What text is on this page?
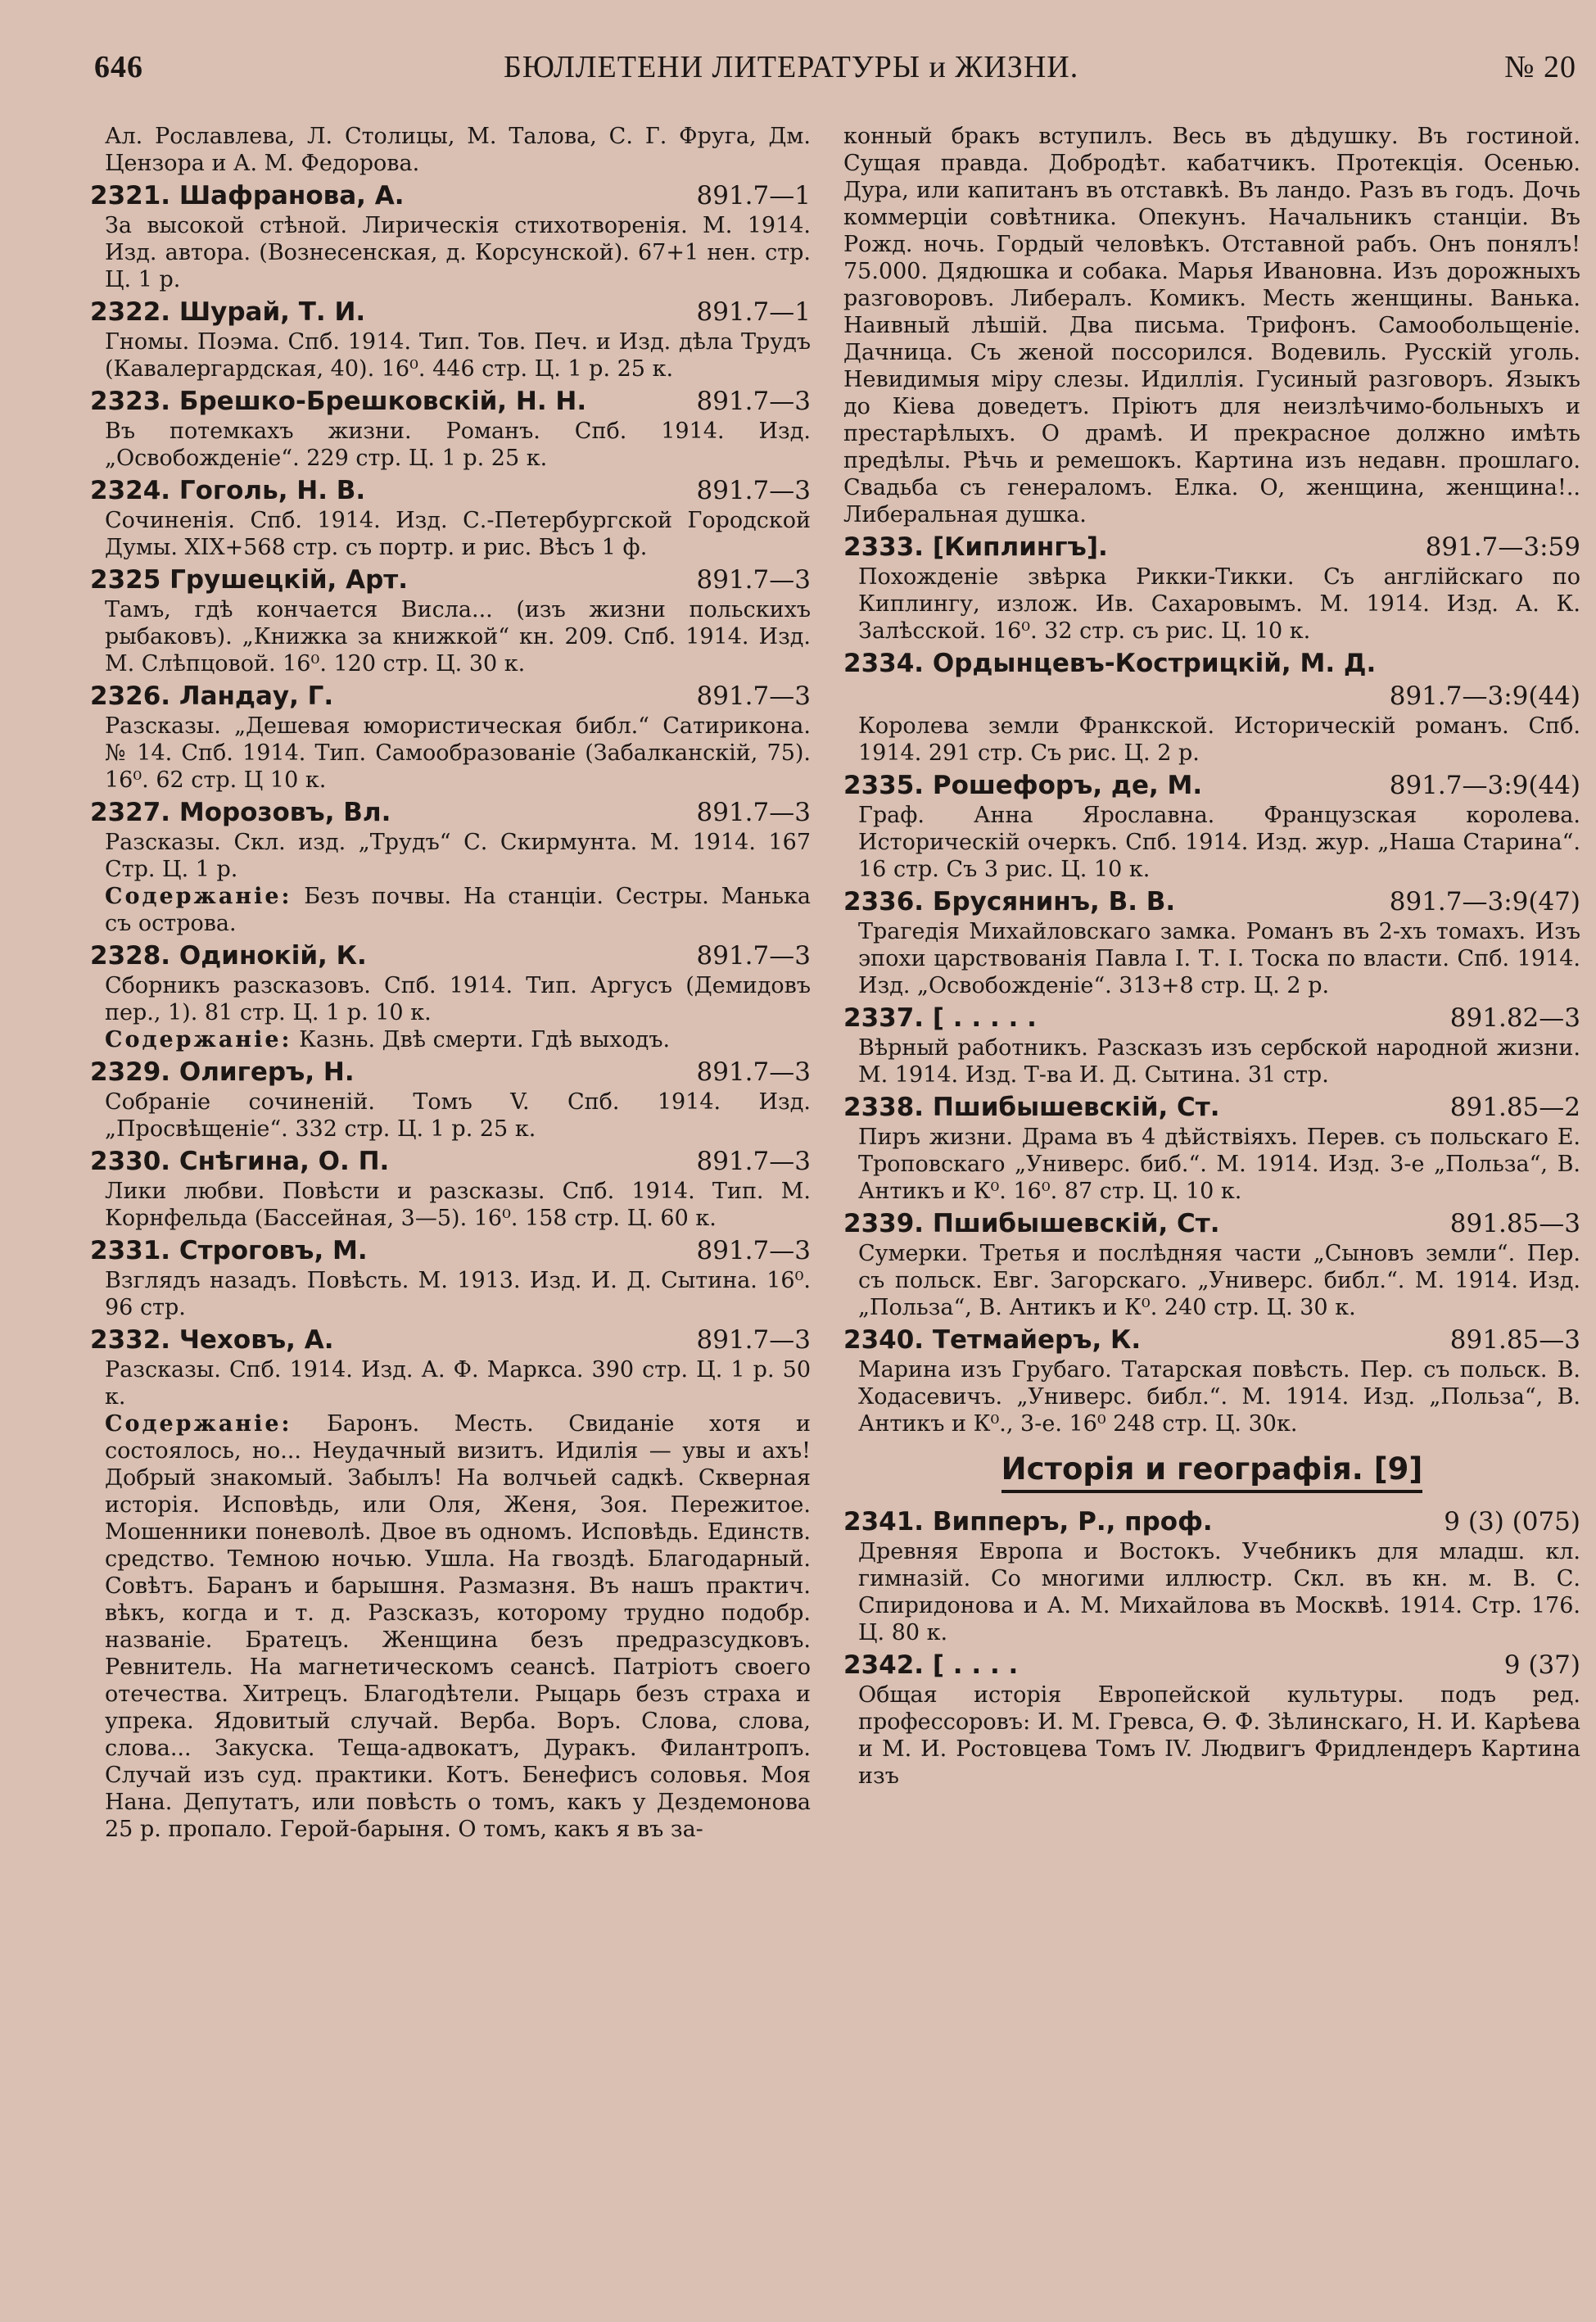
646	БЮЛЛЕТЕНИ ЛИТЕРАТУРЫ и ЖИЗНИ.	№ 20

Ал. Рославлева, Л. Столицы, М. Талова, С. Г. Фруга, Дм. Цензора и А. М. Федорова.

2321. Шафранова, А.	891.7—1

За высокой стѣной. Лирическія стихотворенія. М. 1914. Изд. автора. (Вознесенская, д. Корсунской). 67+1 нен. стр. Ц. 1 р.

2322. Шурай, Т. И.	891.7—1

Гномы. Поэма. Спб. 1914. Тип. Тов. Печ. и Изд. дѣла Трудъ (Кавалергардская, 40). 16⁰. 446 стр. Ц. 1 р. 25 к.

2323. Брешко-Брешковскій, Н. Н.	891.7—3

Въ потемкахъ жизни. Романъ. Спб. 1914. Изд. „Освобожденіе“. 229 стр. Ц. 1 р. 25 к.

2324. Гоголь, Н. В.	891.7—3

Сочиненія. Спб. 1914. Изд. С.-Петербургской Городской Думы. XIX+568 стр. съ портр. и рис. Вѣсъ 1 ф.

2325 Грушецкій, Арт.	891.7—3

Тамъ, гдѣ кончается Висла... (изъ жизни польскихъ рыбаковъ). „Книжка за книжкой“ кн. 209. Спб. 1914. Изд. М. Слѣпцовой. 16⁰. 120 стр. Ц. 30 к.

2326. Ландау, Г.	891.7—3

Разсказы. „Дешевая юмористическая библ.“ Сатирикона. № 14. Спб. 1914. Тип. Самообразованіе (Забалканскій, 75). 16⁰. 62 стр. Ц 10 к.

2327. Морозовъ, Вл.	891.7—3

Разсказы. Скл. изд. „Трудъ“ С. Скирмунта. М. 1914. 167 Стр. Ц. 1 р.

Содержаніе: Безъ почвы. На станціи. Сестры. Манька съ острова.

2328. Одинокій, К.	891.7—3

Сборникъ разсказовъ. Спб. 1914. Тип. Аргусъ (Демидовъ пер., 1). 81 стр. Ц. 1 р. 10 к.

Содержаніе: Казнь. Двѣ смерти. Гдѣ выходъ.

2329. Олигеръ, Н.	891.7—3

Собраніе сочиненій. Томъ V. Спб. 1914. Изд. „Просвѣщеніе“. 332 стр. Ц. 1 р. 25 к.

2330. Снѣгина, О. П.	891.7—3

Лики любви. Повѣсти и разсказы. Спб. 1914. Тип. М. Корнфельда (Бассейная, 3—5). 16⁰. 158 стр. Ц. 60 к.

2331. Строговъ, М.	891.7—3

Взглядъ назадъ. Повѣсть. М. 1913. Изд. И. Д. Сытина. 16⁰. 96 стр.

2332. Чеховъ, А.	891.7—3

Разсказы. Спб. 1914. Изд. А. Ф. Маркса. 390 стр. Ц. 1 р. 50 к.

Содержаніе: Баронъ. Месть. Свиданіе хотя и состоялось, но... Неудачный визитъ. Идилія — увы и ахъ! Добрый знакомый. Забылъ! На волчьей садкѣ. Скверная исторія. Исповѣдь, или Оля, Женя, Зоя. Пережитое. Мошенники поневолѣ. Двое въ одномъ. Исповѣдь. Единств. средство. Темною ночью. Ушла. На гвоздѣ. Благодарный. Совѣтъ. Баранъ и барышня. Размазня. Въ нашъ практич. вѣкъ, когда и т. д. Разсказъ, которому трудно подобр. названіе. Братецъ. Женщина безъ предразсудковъ. Ревнитель. На магнетическомъ сеансѣ. Патріотъ своего отечества. Хитрецъ. Благодѣтели. Рыцарь безъ страха и упрека. Ядовитый случай. Верба. Воръ. Слова, слова, слова... Закуска. Теща-адвокатъ, Дуракъ. Филантропъ. Случай изъ суд. практики. Котъ. Бенефисъ соловья. Моя Нана. Депутатъ, или повѣсть о томъ, какъ у Дездемонова 25 р. пропало. Герой-барыня. О томъ, какъ я въ за-

конный бракъ вступилъ. Весь въ дѣдушку. Въ гостиной. Сущая правда. Добродѣт. кабатчикъ. Протекція. Осенью. Дура, или капитанъ въ отставкѣ. Въ ландо. Разъ въ годъ. Дочь коммерціи совѣтника. Опекунъ. Начальникъ станціи. Въ Рожд. ночь. Гордый человѣкъ. Отставной рабъ. Онъ понялъ! 75.000. Дядюшка и собака. Марья Ивановна. Изъ дорожныхъ разговоровъ. Либералъ. Комикъ. Месть женщины. Ванька. Наивный лѣшій. Два письма. Трифонъ. Самообольщеніе. Дачница. Съ женой поссорился. Водевиль. Русскій уголь. Невидимыя міру слезы. Идиллія. Гусиный разговоръ. Языкъ до Кіева доведетъ. Пріютъ для неизлѣчимо-больныхъ и престарѣлыхъ. О драмѣ. И прекрасное должно имѣть предѣлы. Рѣчь и ремешокъ. Картина изъ недавн. прошлаго. Свадьба съ генераломъ. Елка. О, женщина, женщина!.. Либеральная душка.

2333. [Киплингъ].	891.7—3:59

Похожденіе звѣрка Рикки-Тикки. Съ англійскаго по Киплингу, излож. Ив. Сахаровымъ. М. 1914. Изд. А. К. Залѣсской. 16⁰. 32 стр. съ рис. Ц. 10 к.

2334. Ордынцевъ-Кострицкій, М. Д.
891.7—3:9(44)

Королева земли Франкской. Историческій романъ. Спб. 1914. 291 стр. Съ рис. Ц. 2 р.

2335. Рошефоръ, де, М.	891.7—3:9(44)

Граф. Анна Ярославна. Французская королева. Историческій очеркъ. Спб. 1914. Изд. жур. „Наша Старина“. 16 стр. Съ 3 рис. Ц. 10 к.

2336. Брусянинъ, В. В.	891.7—3:9(47)

Трагедія Михайловскаго замка. Романъ въ 2-хъ томахъ. Изъ эпохи царствованія Павла I. Т. I. Тоска по власти. Спб. 1914. Изд. „Освобожденіе“. 313+8 стр. Ц. 2 р.

2337. [ . . . . .	891.82—3

Вѣрный работникъ. Разсказъ изъ сербской народной жизни. М. 1914. Изд. Т-ва И. Д. Сытина. 31 стр.

2338. Пшибышевскій, Ст.	891.85—2

Пиръ жизни. Драма въ 4 дѣйствіяхъ. Перев. съ польскаго Е. Троповскаго „Универс. биб.“. М. 1914. Изд. 3-е „Польза“, В. Антикъ и К⁰. 16⁰. 87 стр. Ц. 10 к.

2339. Пшибышевскій, Ст.	891.85—3

Сумерки. Третья и послѣдняя части „Сыновъ земли“. Пер. съ польск. Евг. Загорскаго. „Универс. библ.“. М. 1914. Изд. „Польза“, В. Антикъ и К⁰. 240 стр. Ц. 30 к.

2340. Тетмайеръ, К.	891.85—3

Марина изъ Грубаго. Татарская повѣсть. Пер. съ польск. В. Ходасевичъ. „Универс. библ.“. М. 1914. Изд. „Польза“, В. Антикъ и К⁰., 3-е. 16⁰ 248 стр. Ц. 30к.

Исторія и географія. [9]
2341. Випперъ, Р., проф.	9 (3) (075)

Древняя Европа и Востокъ. Учебникъ для младш. кл. гимназій. Со многими иллюстр. Скл. въ кн. м. В. С. Спиридонова и А. М. Михайлова въ Москвѣ. 1914. Стр. 176. Ц. 80 к.

2342. [ . . . .	9 (37)

Общая исторія Европейской культуры. подъ ред. профессоровъ: И. М. Гревса, Ѳ. Ф. Зѣлинскаго, Н. И. Карѣева и М. И. Ростовцева Томъ IV. Людвигъ Фридлендеръ Картина изъ
